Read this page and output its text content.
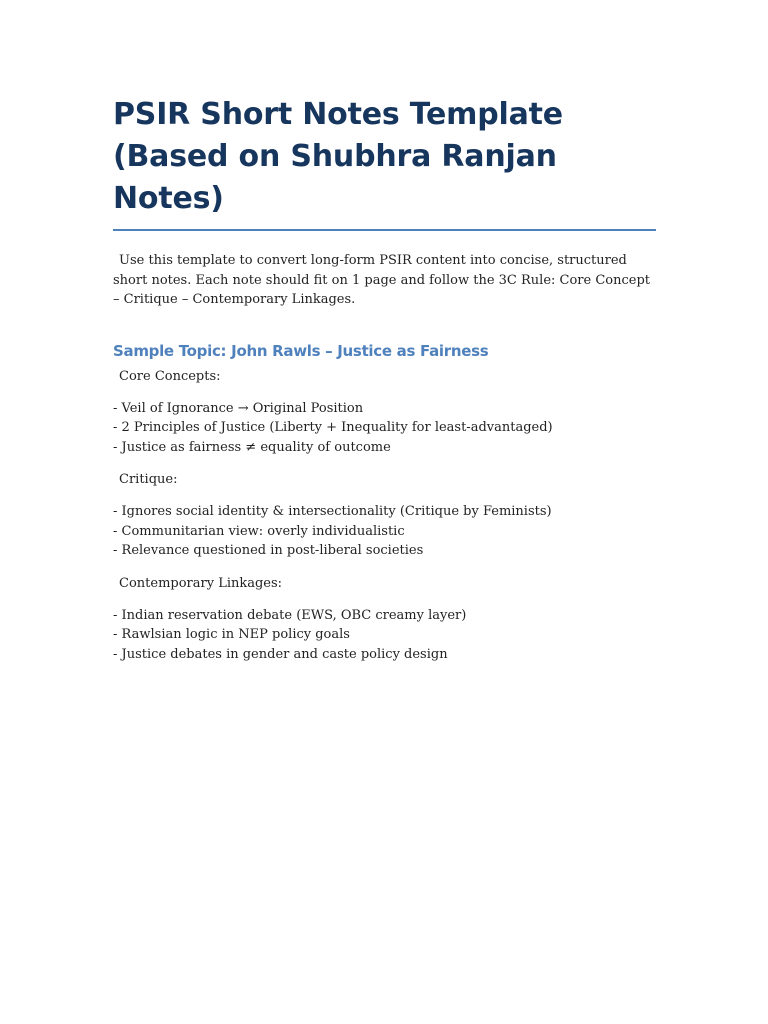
PSIR Short Notes Template (Based on Shubhra Ranjan Notes)

Use this template to convert long-form PSIR content into concise, structured short notes. Each note should fit on 1 page and follow the 3C Rule: Core Concept – Critique – Contemporary Linkages.

Sample Topic: John Rawls – Justice as Fairness

Core Concepts:

- Veil of Ignorance → Original Position
- 2 Principles of Justice (Liberty + Inequality for least-advantaged)
- Justice as fairness ≠ equality of outcome

Critique:

- Ignores social identity & intersectionality (Critique by Feminists)
- Communitarian view: overly individualistic
- Relevance questioned in post-liberal societies

Contemporary Linkages:

- Indian reservation debate (EWS, OBC creamy layer)
- Rawlsian logic in NEP policy goals
- Justice debates in gender and caste policy design
